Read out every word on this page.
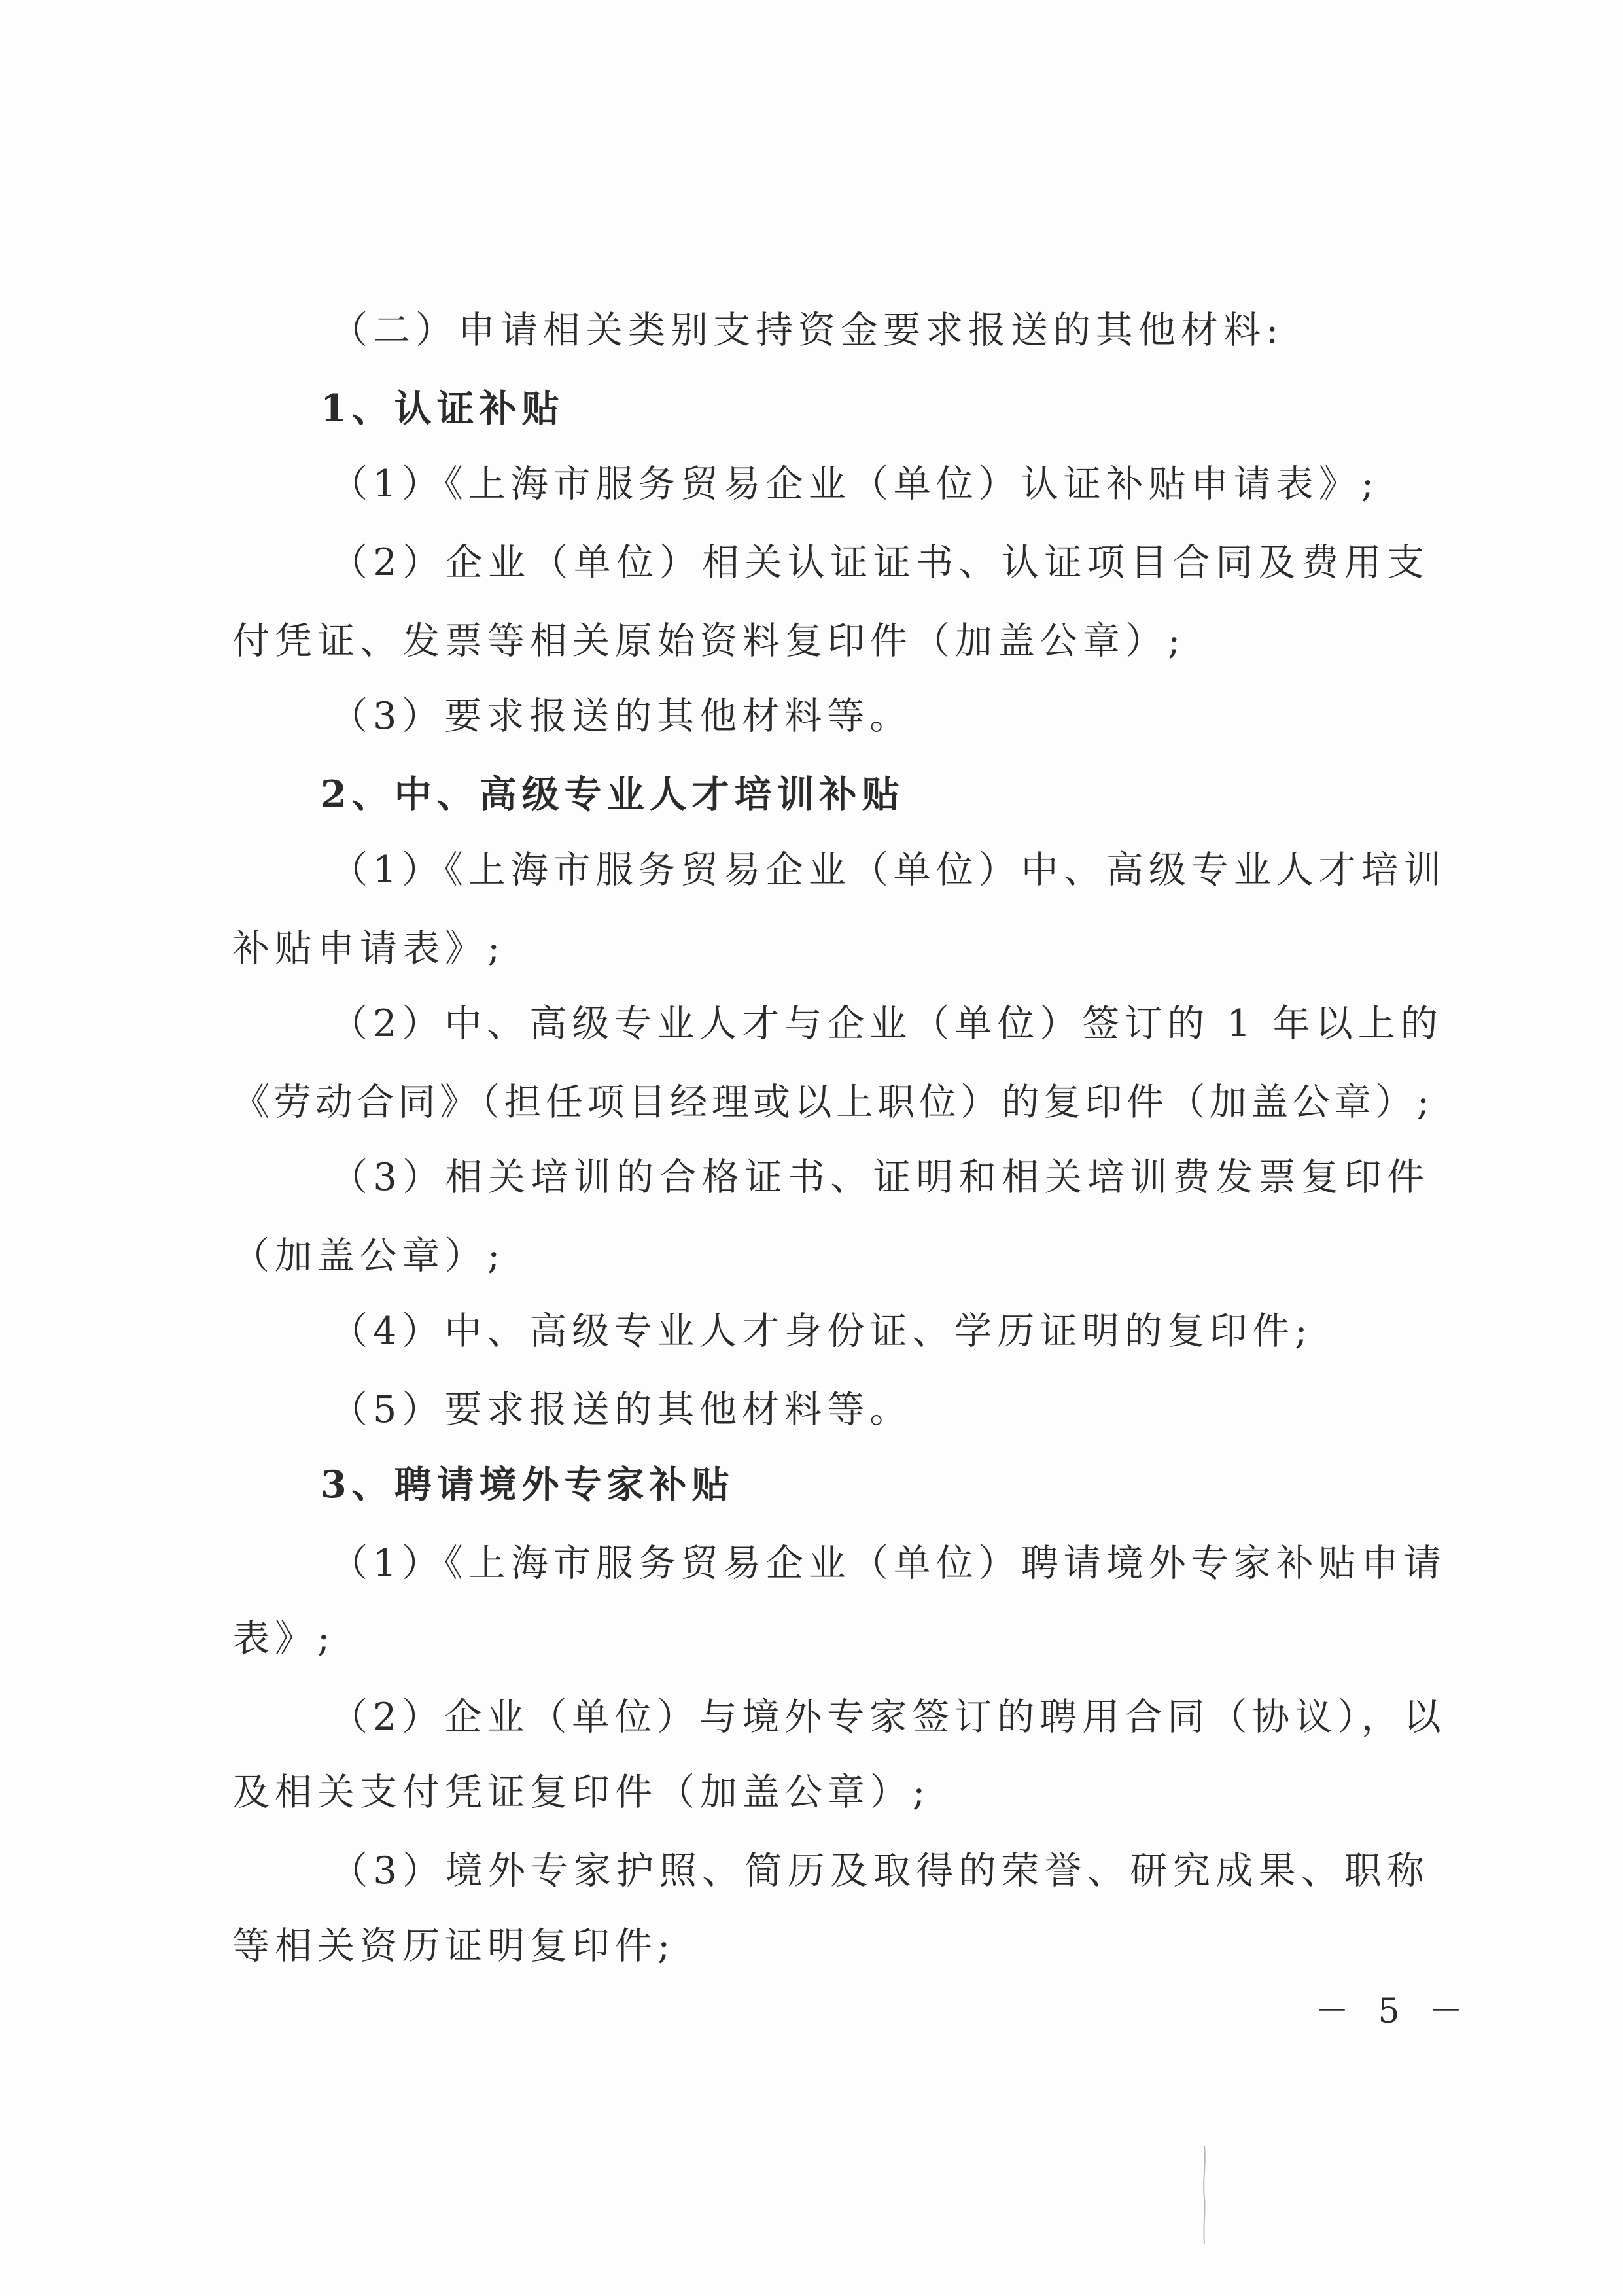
（二）申请相关类别支持资金要求报送的其他材料:
1、认证补贴
（1）《上海市服务贸易企业（单位）认证补贴申请表》;
（2）企业（单位）相关认证证书、认证项目合同及费用支
付凭证、发票等相关原始资料复印件（加盖公章）;
（3）要求报送的其他材料等。
2、中、高级专业人才培训补贴
（1）《上海市服务贸易企业（单位）中、高级专业人才培训
补贴申请表》;
（2）中、高级专业人才与企业（单位）签订的 1 年以上的
《劳动合同》（担任项目经理或以上职位）的复印件（加盖公章）;
（3）相关培训的合格证书、证明和相关培训费发票复印件
（加盖公章）;
（4）中、高级专业人才身份证、学历证明的复印件;
（5）要求报送的其他材料等。
3、聘请境外专家补贴
（1）《上海市服务贸易企业（单位）聘请境外专家补贴申请
表》;
（2）企业（单位）与境外专家签订的聘用合同（协议），以
及相关支付凭证复印件（加盖公章）;
（3）境外专家护照、简历及取得的荣誉、研究成果、职称
等相关资历证明复印件;
－ 5 －
